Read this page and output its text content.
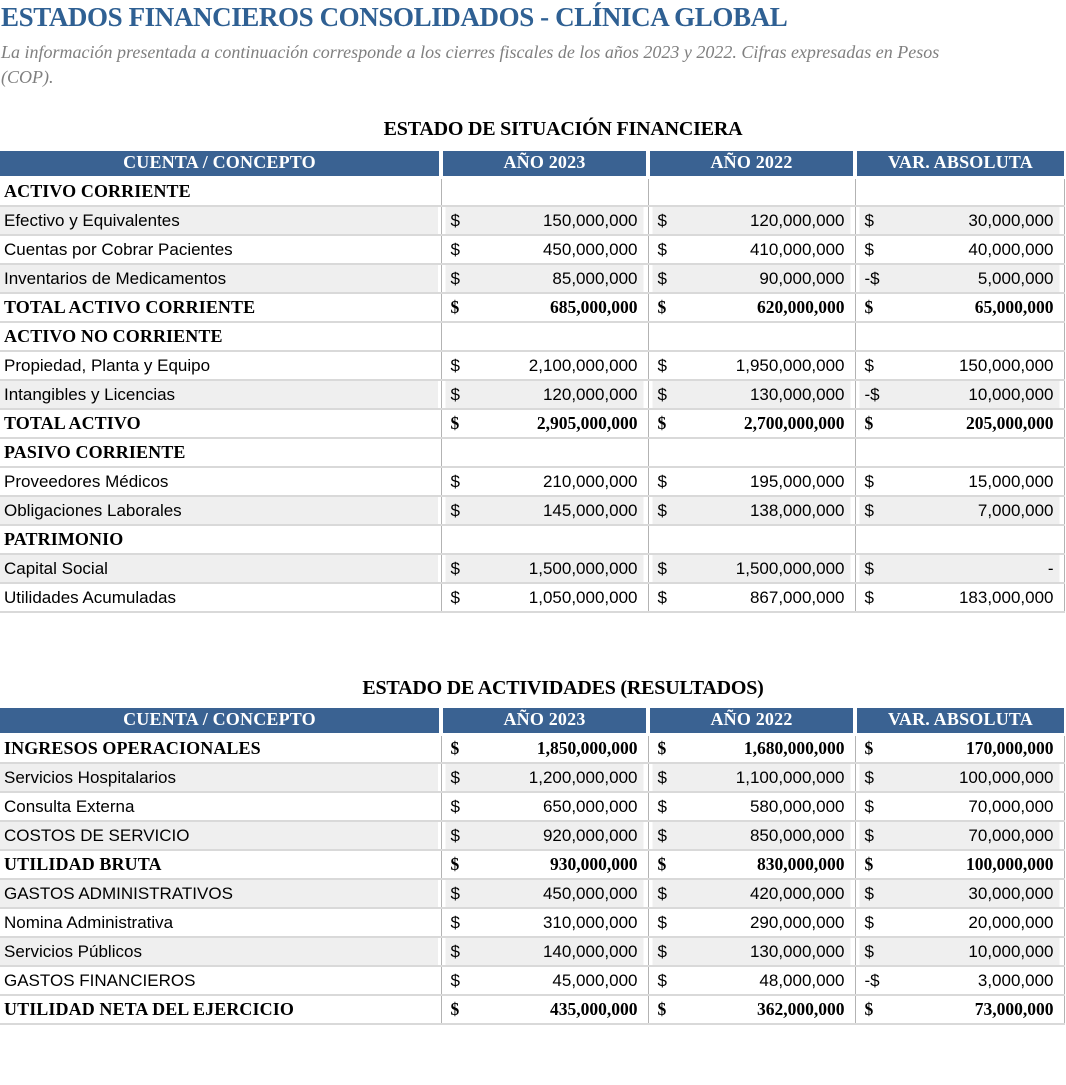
ESTADOS FINANCIEROS CONSOLIDADOS - CLÍNICA GLOBAL

La información presentada a continuación corresponde a los cierres fiscales de los años 2023 y 2022. Cifras expresadas en Pesos
(COP).

ESTADO DE SITUACIÓN FINANCIERA
CUENTA / CONCEPTO	AÑO 2023	AÑO 2022	VAR. ABSOLUTA
ACTIVO CORRIENTE	

Efectivo y Equivalentes	$ 150,000,000	$ 120,000,000	$ 30,000,000

Cuentas por Cobrar Pacientes	$ 450,000,000	$ 410,000,000	$ 40,000,000

Inventarios de Medicamentos	$ 85,000,000	$ 90,000,000	-$ 5,000,000

TOTAL ACTIVO CORRIENTE	$ 685,000,000	$ 620,000,000	$ 65,000,000

ACTIVO NO CORRIENTE	

Propiedad, Planta y Equipo	$ 2,100,000,000	$ 1,950,000,000	$ 150,000,000

Intangibles y Licencias	$ 120,000,000	$ 130,000,000	-$ 10,000,000

TOTAL ACTIVO	$ 2,905,000,000	$ 2,700,000,000	$ 205,000,000

PASIVO CORRIENTE	

Proveedores Médicos	$ 210,000,000	$ 195,000,000	$ 15,000,000

Obligaciones Laborales	$ 145,000,000	$ 138,000,000	$ 7,000,000

PATRIMONIO	

Capital Social	$ 1,500,000,000	$ 1,500,000,000	$ -

Utilidades Acumuladas	$ 1,050,000,000	$ 867,000,000	$ 183,000,000
ESTADO DE ACTIVIDADES (RESULTADOS)
CUENTA / CONCEPTO	AÑO 2023	AÑO 2022	VAR. ABSOLUTA
INGRESOS OPERACIONALES	$ 1,850,000,000	$ 1,680,000,000	$ 170,000,000

Servicios Hospitalarios	$ 1,200,000,000	$ 1,100,000,000	$ 100,000,000

Consulta Externa	$ 650,000,000	$ 580,000,000	$ 70,000,000

COSTOS DE SERVICIO	$ 920,000,000	$ 850,000,000	$ 70,000,000

UTILIDAD BRUTA	$ 930,000,000	$ 830,000,000	$ 100,000,000

GASTOS ADMINISTRATIVOS	$ 450,000,000	$ 420,000,000	$ 30,000,000

Nomina Administrativa	$ 310,000,000	$ 290,000,000	$ 20,000,000

Servicios Públicos	$ 140,000,000	$ 130,000,000	$ 10,000,000

GASTOS FINANCIEROS	$ 45,000,000	$ 48,000,000	-$ 3,000,000

UTILIDAD NETA DEL EJERCICIO	$ 435,000,000	$ 362,000,000	$ 73,000,000
